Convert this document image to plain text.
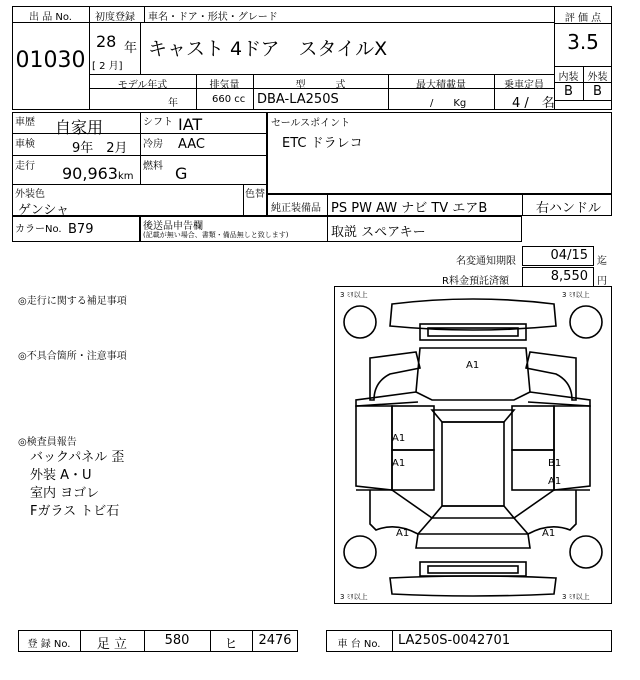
出 品 No.
01030
初度登録 車名・ドア・形状・グレード
28 年
[ 2 月]
キャスト 4ドア　スタイルX
評 価 点
3.5
内装 外装
B	B
モデル年式	排気量	型　　　式	最大積載量	乗車定員
年	660 cc DBA-LA250S	/　　Kg	4 /　名
車歴 自家用	シフト IAT
車検	9年　2月 冷房 AAC
走行 90,963 km
燃料 G
外装色
ゲンシャ
色替
カラーNo. B79	後送品申告欄
(記載が無い場合、書類・備品無しと致します)
セールスポイント
ETC ドラレコ
純正装備品 PS PW AW ナビ TV エアB	右ハンドル
取説 スペアキー
名変通知期限	04/15 迄
R料金預託済額	8,550 円
◎走行に関する補足事項
◎不具合箇所・注意事項
◎検査員報告
バックパネル 歪
外装 A・U
室内 ヨゴレ
Fガラス トビ石
3 ﾐﾘ以上	3 ﾐﾘ以上
3 ﾐﾘ以上	3 ﾐﾘ以上
A1
A1
A1	B1
A1
A1	A1
登 録 No.	足 立	580	ヒ	2476	車 台 No.	LA250S-0042701
